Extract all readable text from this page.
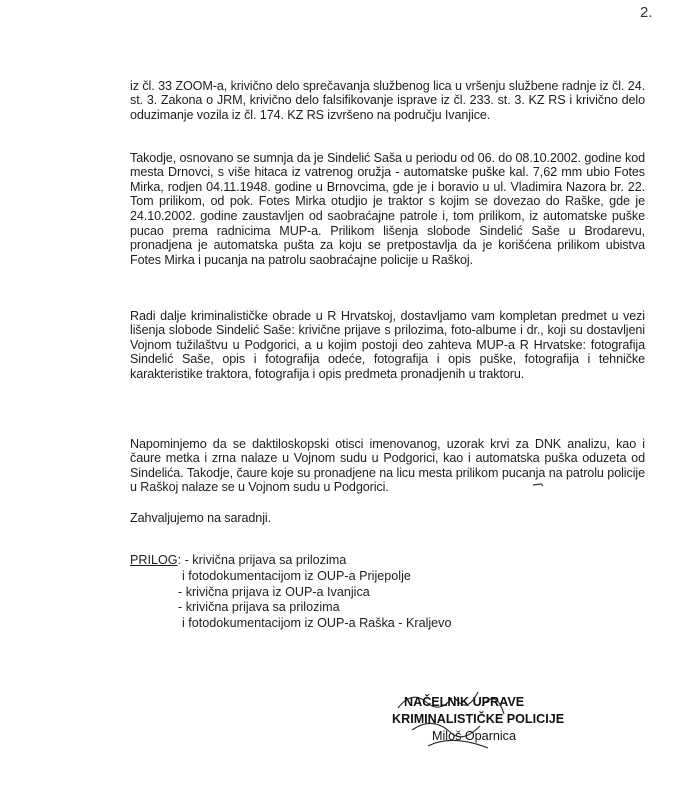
2.

iz čl. 33 ZOOM-a, krivično delo sprečavanja službenog lica u vršenju službene radnje iz čl. 24. st. 3. Zakona o JRM, krivično delo falsifikovanje isprave iz čl. 233. st. 3. KZ RS i krivično delo oduzimanje vozila iz čl. 174. KZ RS izvršeno na području Ivanjice.

Takodje, osnovano se sumnja da je Sindelić Saša u periodu od 06. do 08.10.2002. godine kod mesta Drnovci, s više hitaca iz vatrenog oružja - automatske puške kal. 7,62 mm ubio Fotes Mirka, rodjen 04.11.1948. godine u Brnovcima, gde je i boravio u ul. Vladimira Nazora br. 22. Tom prilikom, od pok. Fotes Mirka otudjio je traktor s kojim se dovezao do Raške, gde je 24.10.2002. godine zaustavljen od saobraćajne patrole i, tom prilikom, iz automatske puške pucao prema radnicima MUP-a. Prilikom lišenja slobode Sindelić Saše u Brodarevu, pronadjena je automatska pušta za koju se pretpostavlja da je korišćena prilikom ubistva Fotes Mirka i pucanja na patrolu saobraćajne policije u Raškoj.

Radi dalje kriminalističke obrade u R Hrvatskoj, dostavljamo vam kompletan predmet u vezi lišenja slobode Sindelić Saše: krivične prijave s prilozima, foto-albume i dr., koji su dostavljeni Vojnom tužilaštvu u Podgorici, a u kojim postoji deo zahteva MUP-a R Hrvatske: fotografija Sindelić Saše, opis i fotografija odeće, fotografija i opis puške, fotografija i tehničke karakteristike traktora, fotografija i opis predmeta pronadjenih u traktoru.

Napominjemo da se daktiloskopski otisci imenovanog, uzorak krvi za DNK analizu, kao i čaure metka i zrna nalaze u Vojnom sudu u Podgorici, kao i automatska puška oduzeta od Sindelića. Takodje, čaure koje su pronadjene na licu mesta prilikom pucanja na patrolu policije u Raškoj nalaze se u Vojnom sudu u Podgorici.

Zahvaljujemo na saradnji.

PRILOG: - krivična prijava sa prilozima
i fotodokumentacijom iz OUP-a Prijepolje
- krivična prijava iz OUP-a Ivanjica
- krivična prijava sa prilozima
i fotodokumentacijom iz OUP-a Raška - Kraljevo
NAČELNIK UPRAVE
KRIMINALISTIČKE POLICIJE
Miloš Oparnica
